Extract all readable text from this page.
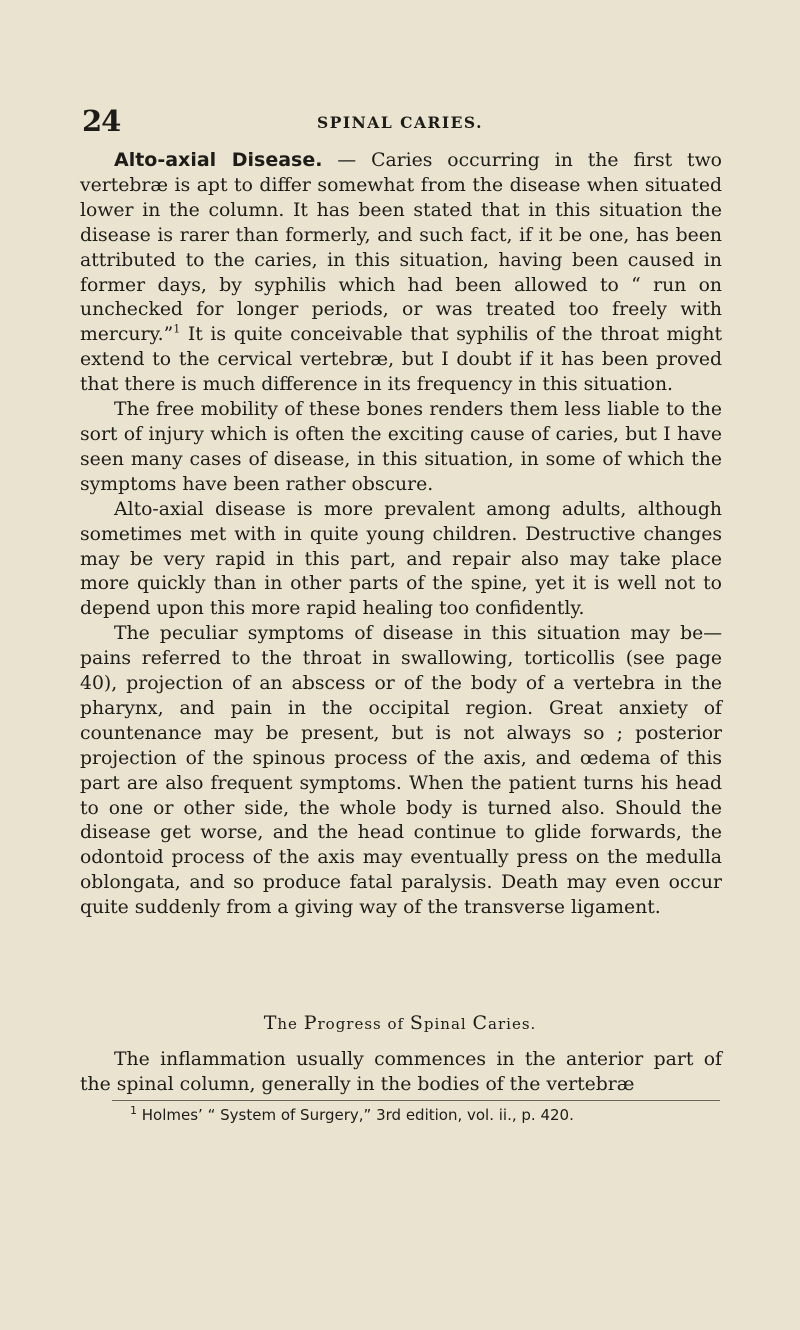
24	SPINAL CARIES.

Alto-axial Disease. — Caries occurring in the first two vertebræ is apt to differ somewhat from the disease when situated lower in the column. It has been stated that in this situation the disease is rarer than formerly, and such fact, if it be one, has been attributed to the caries, in this situation, having been caused in former days, by syphilis which had been allowed to “ run on unchecked for longer periods, or was treated too freely with mercury.”$^1$ It is quite conceivable that syphilis of the throat might extend to the cervical vertebræ, but I doubt if it has been proved that there is much difference in its frequency in this situation.

The free mobility of these bones renders them less liable to the sort of injury which is often the exciting cause of caries, but I have seen many cases of disease, in this situation, in some of which the symptoms have been rather obscure.

Alto-axial disease is more prevalent among adults, although sometimes met with in quite young children. Destructive changes may be very rapid in this part, and repair also may take place more quickly than in other parts of the spine, yet it is well not to depend upon this more rapid healing too confidently.

The peculiar symptoms of disease in this situation may be— pains referred to the throat in swallowing, torticollis (see page 40), projection of an abscess or of the body of a vertebra in the pharynx, and pain in the occipital region. Great anxiety of countenance may be present, but is not always so ; posterior projection of the spinous process of the axis, and œdema of this part are also frequent symptoms. When the patient turns his head to one or other side, the whole body is turned also. Should the disease get worse, and the head continue to glide forwards, the odontoid process of the axis may eventually press on the medulla oblongata, and so produce fatal paralysis. Death may even occur quite suddenly from a giving way of the transverse ligament.

The Progress of Spinal Caries.

The inflammation usually commences in the anterior part of the spinal column, generally in the bodies of the vertebræ

$^1$ Holmes’ “ System of Surgery,” 3rd edition, vol. ii., p. 420.
